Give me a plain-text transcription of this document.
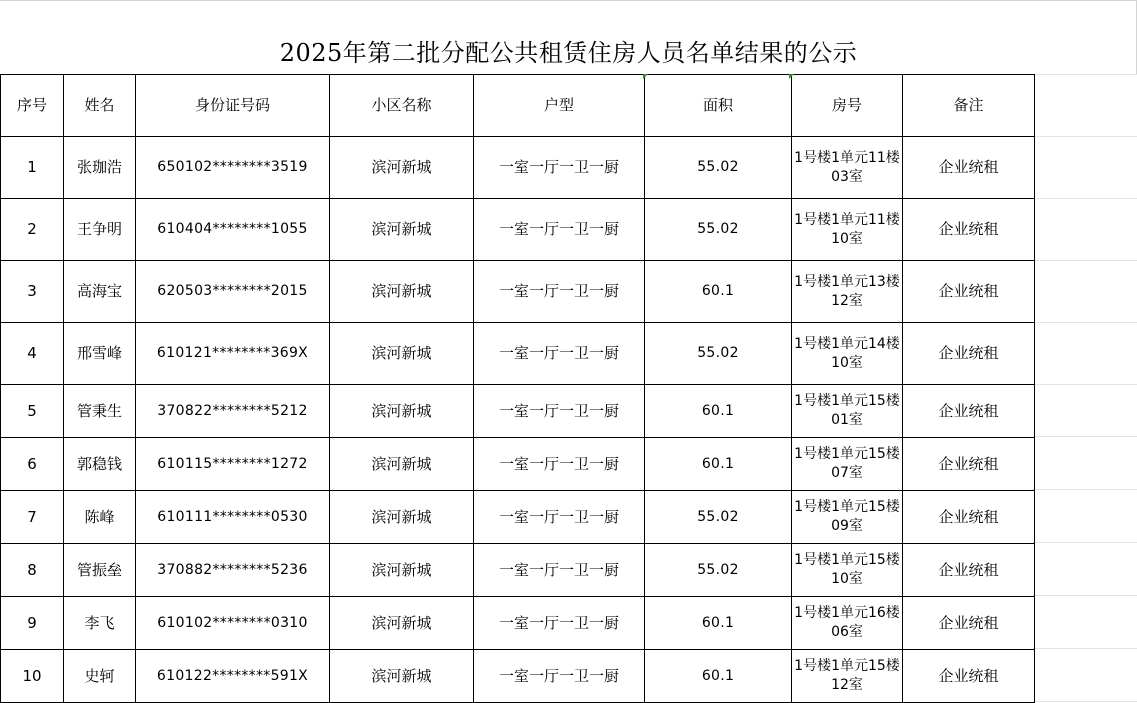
2025年第二批分配公共租赁住房人员名单结果的公示
序号	姓名	身份证号码	小区名称	户型	面积	房号	备注
1	张珈浩	650102********3519	滨河新城	一室一厅一卫一厨	55.02	1号楼1单元11楼03室	企业统租
2	王争明	610404********1055	滨河新城	一室一厅一卫一厨	55.02	1号楼1单元11楼10室	企业统租
3	高海宝	620503********2015	滨河新城	一室一厅一卫一厨	60.1	1号楼1单元13楼12室	企业统租
4	邢雪峰	610121********369X	滨河新城	一室一厅一卫一厨	55.02	1号楼1单元14楼10室	企业统租
5	管秉生	370822********5212	滨河新城	一室一厅一卫一厨	60.1	1号楼1单元15楼01室	企业统租
6	郭稳钱	610115********1272	滨河新城	一室一厅一卫一厨	60.1	1号楼1单元15楼07室	企业统租
7	陈峰	610111********0530	滨河新城	一室一厅一卫一厨	55.02	1号楼1单元15楼09室	企业统租
8	管振垒	370882********5236	滨河新城	一室一厅一卫一厨	55.02	1号楼1单元15楼10室	企业统租
9	李飞	610102********0310	滨河新城	一室一厅一卫一厨	60.1	1号楼1单元16楼06室	企业统租
10	史轲	610122********591X	滨河新城	一室一厅一卫一厨	60.1	1号楼1单元15楼12室	企业统租
